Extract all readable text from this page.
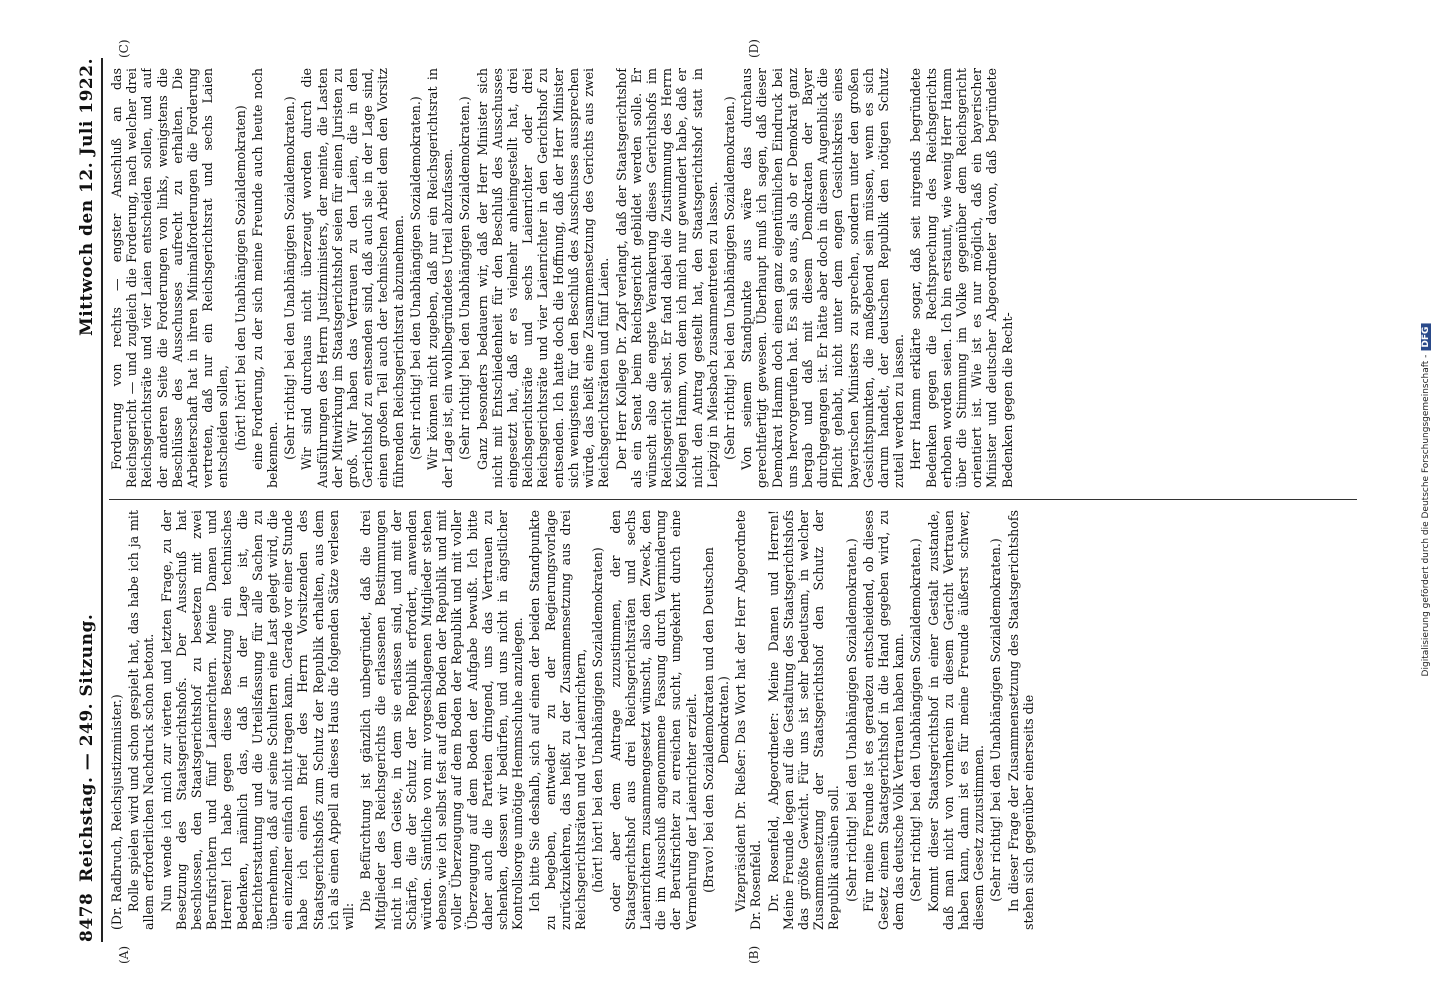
8478
Reichstag. — 249. Sitzung.
Mittwoch den 12. Juli 1922.
(A)	(B)
(C)	(D)

(Dr. Radbruch, Reichsjustizminister.) Rolle spielen wird und schon gespielt hat, das habe ich ja mit allem erforderlichen Nachdruck schon betont. Nun wende ich mich zur vierten und letzten Frage, zu der Besetzung des Staatsgerichtshofs. Der Ausschuß hat beschlossen, den Staatsgerichtshof zu besetzen mit zwei Berufsrichtern und fünf Laienrichtern. Meine Damen und Herren! Ich habe gegen diese Besetzung ein technisches Bedenken, nämlich das, daß in der Lage ist, die Berichterstattung und die Urteilsfassung für alle Sachen zu übernehmen, daß auf seine Schultern eine Last gelegt wird, die ein einzelner einfach nicht tragen kann. Gerade vor einer Stunde habe ich einen Brief des Herrn Vorsitzenden des Staatsgerichtshofs zum Schutz der Republik erhalten, aus dem ich als einen Appell an dieses Haus die folgenden Sätze verlesen will:

Die Befürchtung ist gänzlich unbegründet, daß die drei Mitglieder des Reichsgerichts die erlassenen Bestimmungen nicht in dem Geiste, in dem sie erlassen sind, und mit der Schärfe, die der Schutz der Republik erfordert, anwenden würden. Sämtliche von mir vorgeschlagenen Mitglieder stehen ebenso wie ich selbst fest auf dem Boden der Republik und mit voller Überzeugung auf dem Boden der Republik und mit voller Überzeugung auf dem Boden der Aufgabe bewußt. Ich bitte daher auch die Parteien dringend, uns das Vertrauen zu schenken, dessen wir bedürfen, und uns nicht in ängstlicher Kontrollsorge unnötige Hemmschuhe anzulegen. Ich bitte Sie deshalb, sich auf einen der beiden Standpunkte zu begeben, entweder zu der Regierungsvorlage zurückzukehren, das heißt zu der Zusammensetzung aus drei Reichsgerichtsräten und vier Laienrichtern, (hört! hört! bei den Unabhängigen Sozialdemokraten) oder aber dem Antrage zuzustimmen, der den Staatsgerichtshof aus drei Reichsgerichtsräten und sechs Laienrichtern zusammengesetzt wünscht, also den Zweck, den die im Ausschuß angenommene Fassung durch Verminderung der Berufsrichter zu erreichen sucht, umgekehrt durch eine Vermehrung der Laienrichter erzielt. (Bravo! bei den Sozialdemokraten und den Deutschen Demokraten.) Vizepräsident Dr. Rießer: Das Wort hat der Herr Abgeordnete Dr. Rosenfeld. Dr. Rosenfeld, Abgeordneter: Meine Damen und Herren! Meine Freunde legen auf die Gestaltung des Staatsgerichtshofs das größte Gewicht. Für uns ist sehr bedeutsam, in welcher Zusammensetzung der Staatsgerichtshof den Schutz der Republik ausüben soll. (Sehr richtig! bei den Unabhängigen Sozialdemokraten.) Für meine Freunde ist es geradezu entscheidend, ob dieses Gesetz einem Staatsgerichtshof in die Hand gegeben wird, zu dem das deutsche Volk Vertrauen haben kann. (Sehr richtig! bei den Unabhängigen Sozialdemokraten.) Kommt dieser Staatsgerichtshof in einer Gestalt zustande, daß man nicht von vornherein zu diesem Gericht Vertrauen haben kann, dann ist es für meine Freunde äußerst schwer, diesem Gesetz zuzustimmen. (Sehr richtig! bei den Unabhängigen Sozialdemokraten.) In dieser Frage der Zusammensetzung des Staatsgerichtshofs stehen sich gegenüber einerseits die

Forderung von rechts — engster Anschluß an das Reichsgericht — und zugleich die Forderung, nach welcher drei Reichsgerichtsräte und vier Laien entscheiden sollen, und auf der anderen Seite die Forderungen von links, wenigstens die Beschlüsse des Ausschusses aufrecht zu erhalten. Die Arbeiterschaft hat in ihren Minimalforderungen die Forderung vertreten, daß nur ein Reichsgerichtsrat und sechs Laien entscheiden sollen, (hört! hört! bei den Unabhängigen Sozialdemokraten) eine Forderung, zu der sich meine Freunde auch heute noch bekennen. (Sehr richtig! bei den Unabhängigen Sozialdemokraten.) Wir sind durchaus nicht überzeugt worden durch die Ausführungen des Herrn Justizministers, der meinte, die Lasten der Mitwirkung im Staatsgerichtshof seien für einen Juristen zu groß. Wir haben das Vertrauen zu den Laien, die in den Gerichtshof zu entsenden sind, daß auch sie in der Lage sind, einen großen Teil auch der technischen Arbeit dem den Vorsitz führenden Reichsgerichtsrat abzunehmen. (Sehr richtig! bei den Unabhängigen Sozialdemokraten.) Wir können nicht zugeben, daß nur ein Reichsgerichtsrat in der Lage ist, ein wohlbegründetes Urteil abzufassen. (Sehr richtig! bei den Unabhängigen Sozialdemokraten.) Ganz besonders bedauern wir, daß der Herr Minister sich nicht mit Entschiedenheit für den Beschluß des Ausschusses eingesetzt hat, daß er es vielmehr anheimgestellt hat, drei Reichsgerichtsräte und sechs Laienrichter oder drei Reichsgerichtsräte und vier Laienrichter in den Gerichtshof zu entsenden. Ich hatte doch die Hoffnung, daß der Herr Minister sich wenigstens für den Beschluß des Ausschusses aussprechen würde, das heißt eine Zusammensetzung des Gerichts aus zwei Reichsgerichtsräten und fünf Laien. Der Herr Kollege Dr. Zapf verlangt, daß der Staatsgerichtshof als ein Senat beim Reichsgericht gebildet werden solle. Er wünscht also die engste Verankerung dieses Gerichtshofs im Reichsgericht selbst. Er fand dabei die Zustimmung des Herrn Kollegen Hamm, von dem ich mich nur gewundert habe, daß er nicht den Antrag gestellt hat, den Staatsgerichtshof statt in Leipzig in Miesbach zusammentreten zu lassen. (Sehr richtig! bei den Unabhängigen Sozialdemokraten.) Von seinem Standpunkte aus wäre das durchaus gerechtfertigt gewesen. Überhaupt muß ich sagen, daß dieser Demokrat Hamm doch einen ganz eigentümlichen Eindruck bei uns hervorgerufen hat. Es sah so aus, als ob er Demokrat ganz bergab und daß mit diesem Demokraten der Bayer durchgegangen ist. Er hätte aber doch in diesem Augenblick die Pflicht gehabt, nicht unter dem engen Gesichtskreis eines bayerischen Ministers zu sprechen, sondern unter den großen Gesichtspunkten, die maßgebend sein müssen, wenn es sich darum handelt, der deutschen Republik den nötigen Schutz zuteil werden zu lassen. Herr Hamm erklärte sogar, daß seit nirgends begründete Bedenken gegen die Rechtsprechung des Reichsgerichts erhoben worden seien. Ich bin erstaunt, wie wenig Herr Hamm über die Stimmung im Volke gegenüber dem Reichsgericht orientiert ist. Wie ist es nur möglich, daß ein bayerischer Minister und deutscher Abgeordneter davon, daß begründete Bedenken gegen die Recht-	Digitalisierung gefördert durch die Deutsche Forschungsgemeinschaft -DFG
